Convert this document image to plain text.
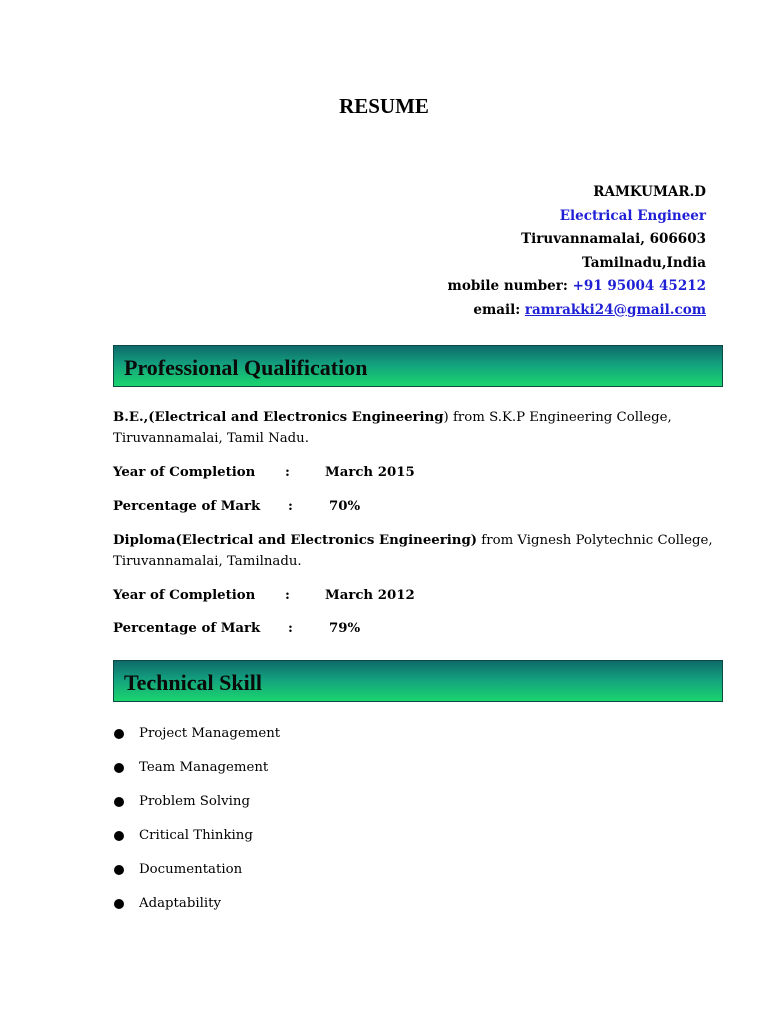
RESUME
RAMKUMAR.D
Electrical Engineer
Tiruvannamalai, 606603
Tamilnadu,India
mobile number: +91 95004 45212
email: ramrakki24@gmail.com
Professional Qualification
B.E.,(Electrical and Electronics Engineering) from S.K.P Engineering College, Tiruvannamalai, Tamil Nadu.
Year of Completion :	March 2015
Percentage of Mark :	70%
Diploma(Electrical and Electronics Engineering) from Vignesh Polytechnic College, Tiruvannamalai, Tamilnadu.
Year of Completion :	March 2012
Percentage of Mark :	79%
Technical Skill
Project Management
Team Management
Problem Solving
Critical Thinking
Documentation
Adaptability
